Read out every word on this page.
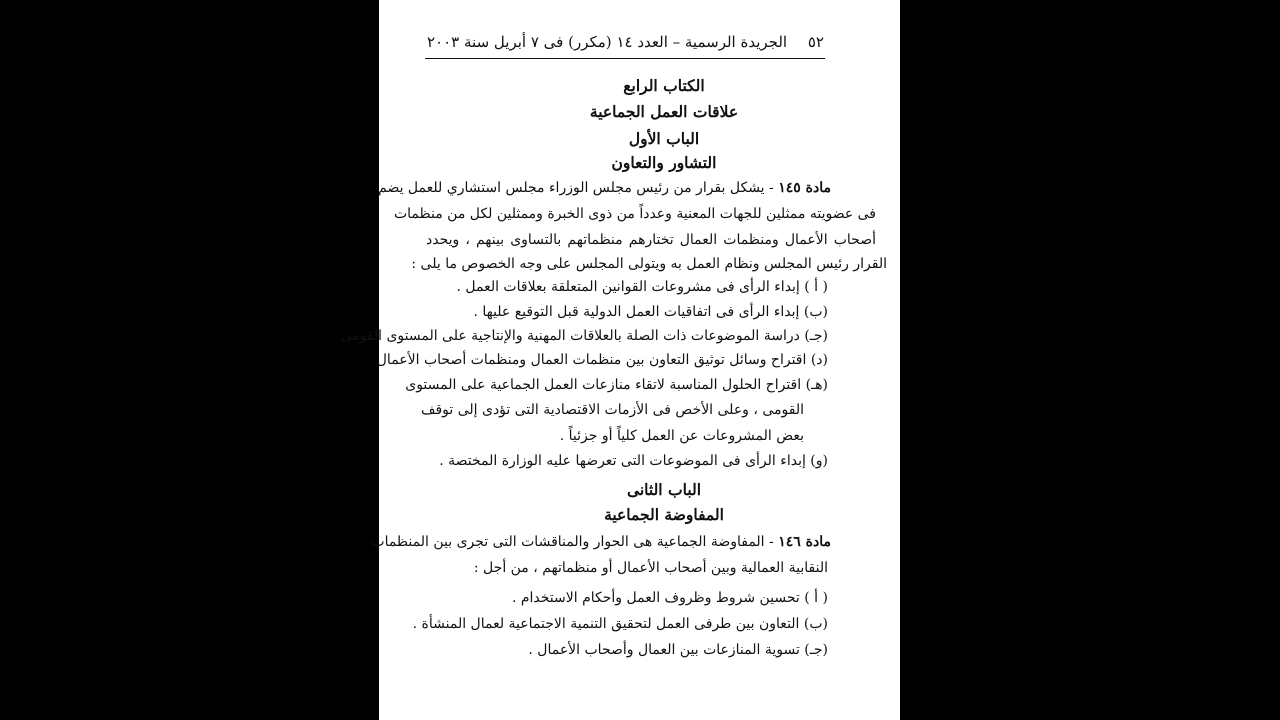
٥٢
الجريدة الرسمية – العدد ١٤ (مكرر) فى ٧ أبريل سنة ٢٠٠٣
الكتاب الرابع
علاقات العمل الجماعية
الباب الأول
التشاور والتعاون
مادة ١٤٥ - يشكل بقرار من رئيس مجلس الوزراء مجلس استشاري للعمل يضم
فى عضويته ممثلين للجهات المعنية وعدداً من ذوى الخبرة وممثلين لكل من منظمات
أصحاب الأعمال ومنظمات العمال تختارهم منظماتهم بالتساوى بينهم ، ويحدد
القرار رئيس المجلس ونظام العمل به ويتولى المجلس على وجه الخصوص ما يلى :
( أ ) إبداء الرأى فى مشروعات القوانين المتعلقة بعلاقات العمل .
(ب) إبداء الرأى فى اتفاقيات العمل الدولية قبل التوقيع عليها .
(جـ) دراسة الموضوعات ذات الصلة بالعلاقات المهنية والإنتاجية على المستوى القومى .
(د) اقتراح وسائل توثيق التعاون بين منظمات العمال ومنظمات أصحاب الأعمال .
(هـ) اقتراح الحلول المناسبة لاتقاء منازعات العمل الجماعية على المستوى
القومى ، وعلى الأخص فى الأزمات الاقتصادية التى تؤدى إلى توقف
بعض المشروعات عن العمل كلياً أو جزئياً .
(و) إبداء الرأى فى الموضوعات التى تعرضها عليه الوزارة المختصة .
الباب الثانى
المفاوضة الجماعية
مادة ١٤٦ - المفاوضة الجماعية هى الحوار والمناقشات التى تجرى بين المنظمات
النقابية العمالية وبين أصحاب الأعمال أو منظماتهم ، من أجل :
( أ ) تحسين شروط وظروف العمل وأحكام الاستخدام .
(ب) التعاون بين طرفى العمل لتحقيق التنمية الاجتماعية لعمال المنشأة .
(جـ) تسوية المنازعات بين العمال وأصحاب الأعمال .
